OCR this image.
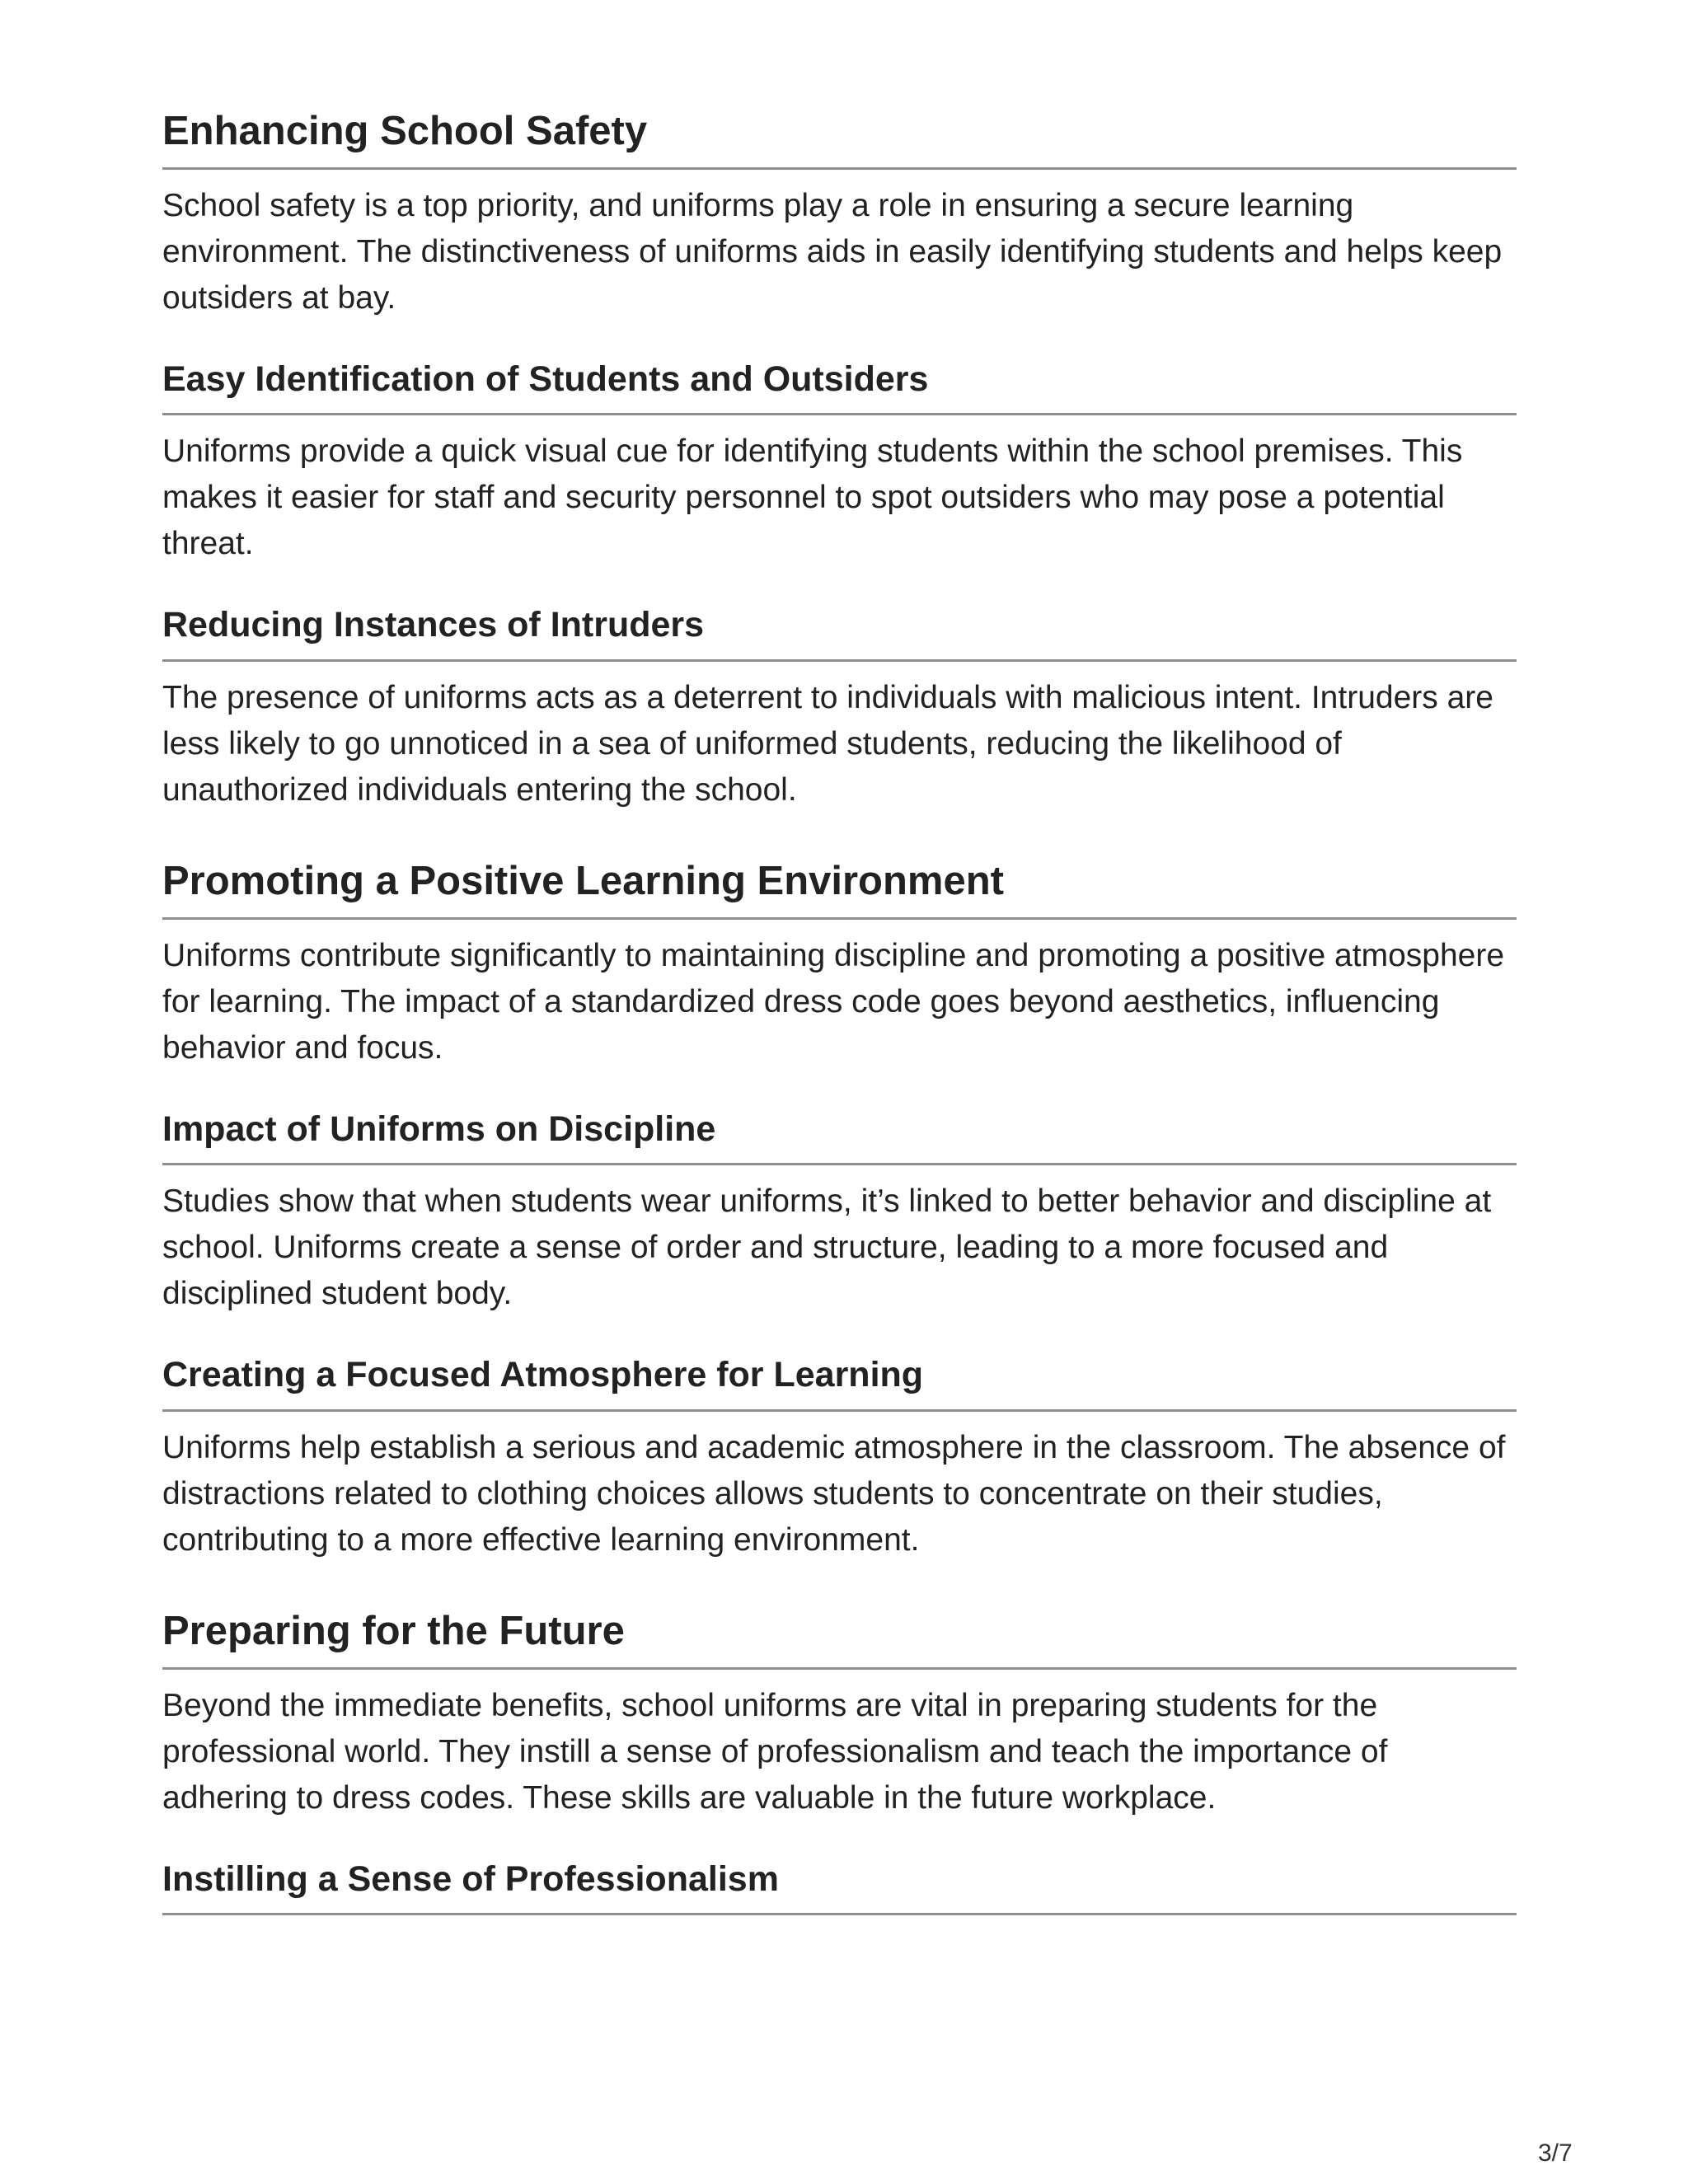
Enhancing School Safety

School safety is a top priority, and uniforms play a role in ensuring a secure learning environment. The distinctiveness of uniforms aids in easily identifying students and helps keep outsiders at bay.

Easy Identification of Students and Outsiders

Uniforms provide a quick visual cue for identifying students within the school premises. This makes it easier for staff and security personnel to spot outsiders who may pose a potential threat.

Reducing Instances of Intruders

The presence of uniforms acts as a deterrent to individuals with malicious intent. Intruders are less likely to go unnoticed in a sea of uniformed students, reducing the likelihood of unauthorized individuals entering the school.

Promoting a Positive Learning Environment

Uniforms contribute significantly to maintaining discipline and promoting a positive atmosphere for learning. The impact of a standardized dress code goes beyond aesthetics, influencing behavior and focus.

Impact of Uniforms on Discipline

Studies show that when students wear uniforms, it’s linked to better behavior and discipline at school. Uniforms create a sense of order and structure, leading to a more focused and disciplined student body.

Creating a Focused Atmosphere for Learning

Uniforms help establish a serious and academic atmosphere in the classroom. The absence of distractions related to clothing choices allows students to concentrate on their studies, contributing to a more effective learning environment.

Preparing for the Future

Beyond the immediate benefits, school uniforms are vital in preparing students for the professional world. They instill a sense of professionalism and teach the importance of adhering to dress codes. These skills are valuable in the future workplace.

Instilling a Sense of Professionalism
3/7
